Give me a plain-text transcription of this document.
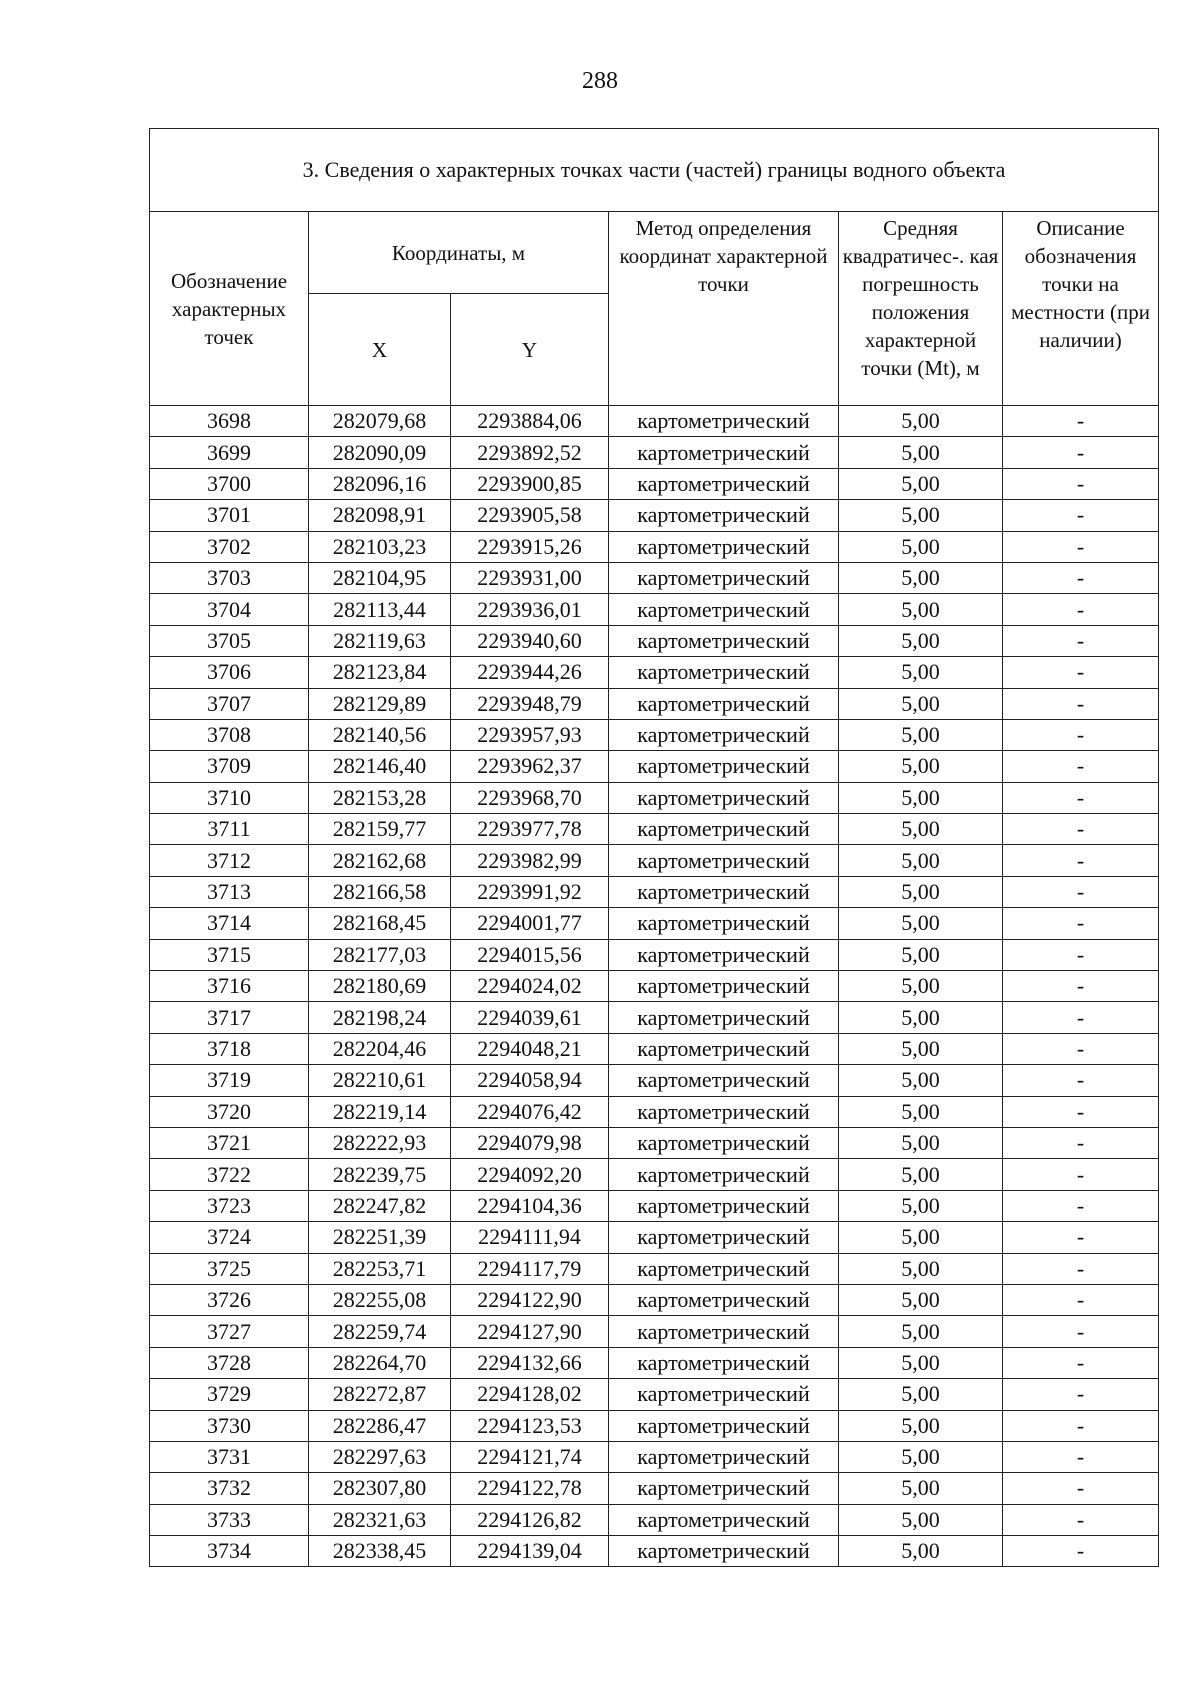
288
3. Сведения о характерных точках части (частей) границы водного объекта					
Обозначение характерных точек	Координаты, м		Метод определения координат характерной точки	Средняя квадратичес-. кая погрешность положения характерной точки (Mt), м	Описание обозначения точки на местности (при наличии)
	X	Y			
3698	282079,68	2293884,06	картометрический	5,00	-
3699	282090,09	2293892,52	картометрический	5,00	-
3700	282096,16	2293900,85	картометрический	5,00	-
3701	282098,91	2293905,58	картометрический	5,00	-
3702	282103,23	2293915,26	картометрический	5,00	-
3703	282104,95	2293931,00	картометрический	5,00	-
3704	282113,44	2293936,01	картометрический	5,00	-
3705	282119,63	2293940,60	картометрический	5,00	-
3706	282123,84	2293944,26	картометрический	5,00	-
3707	282129,89	2293948,79	картометрический	5,00	-
3708	282140,56	2293957,93	картометрический	5,00	-
3709	282146,40	2293962,37	картометрический	5,00	-
3710	282153,28	2293968,70	картометрический	5,00	-
3711	282159,77	2293977,78	картометрический	5,00	-
3712	282162,68	2293982,99	картометрический	5,00	-
3713	282166,58	2293991,92	картометрический	5,00	-
3714	282168,45	2294001,77	картометрический	5,00	-
3715	282177,03	2294015,56	картометрический	5,00	-
3716	282180,69	2294024,02	картометрический	5,00	-
3717	282198,24	2294039,61	картометрический	5,00	-
3718	282204,46	2294048,21	картометрический	5,00	-
3719	282210,61	2294058,94	картометрический	5,00	-
3720	282219,14	2294076,42	картометрический	5,00	-
3721	282222,93	2294079,98	картометрический	5,00	-
3722	282239,75	2294092,20	картометрический	5,00	-
3723	282247,82	2294104,36	картометрический	5,00	-
3724	282251,39	2294111,94	картометрический	5,00	-
3725	282253,71	2294117,79	картометрический	5,00	-
3726	282255,08	2294122,90	картометрический	5,00	-
3727	282259,74	2294127,90	картометрический	5,00	-
3728	282264,70	2294132,66	картометрический	5,00	-
3729	282272,87	2294128,02	картометрический	5,00	-
3730	282286,47	2294123,53	картометрический	5,00	-
3731	282297,63	2294121,74	картометрический	5,00	-
3732	282307,80	2294122,78	картометрический	5,00	-
3733	282321,63	2294126,82	картометрический	5,00	-
3734	282338,45	2294139,04	картометрический	5,00	-
